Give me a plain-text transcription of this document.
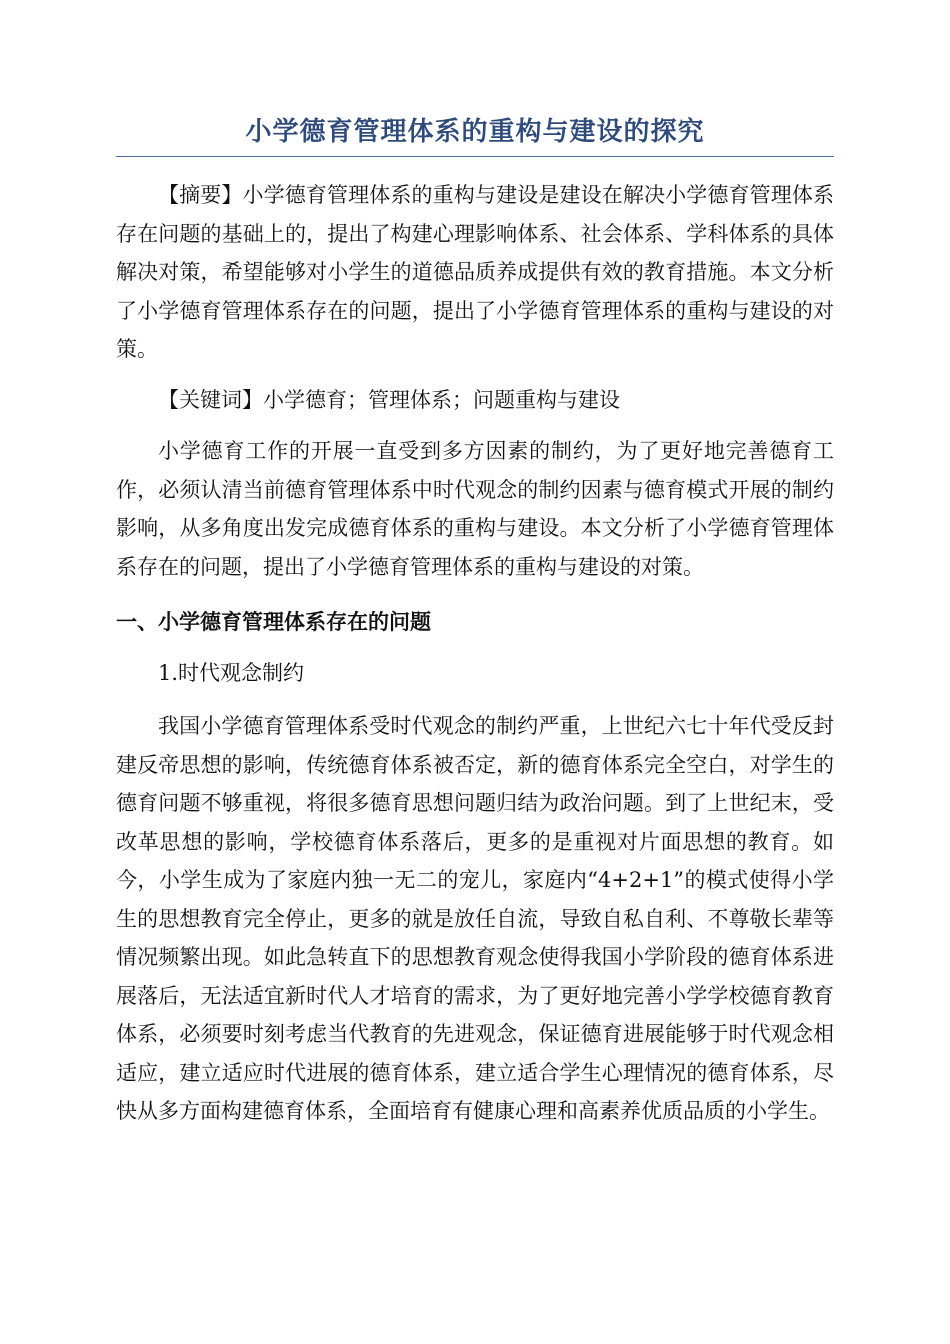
小学德育管理体系的重构与建设的探究

【摘要】小学德育管理体系的重构与建设是建设在解决小学德育管理体系存在问题的基础上的，提出了构建心理影响体系、社会体系、学科体系的具体解决对策，希望能够对小学生的道德品质养成提供有效的教育措施。本文分析了小学德育管理体系存在的问题，提出了小学德育管理体系的重构与建设的对策。

【关键词】小学德育；管理体系；问题重构与建设

小学德育工作的开展一直受到多方因素的制约，为了更好地完善德育工作，必须认清当前德育管理体系中时代观念的制约因素与德育模式开展的制约影响，从多角度出发完成德育体系的重构与建设。本文分析了小学德育管理体系存在的问题，提出了小学德育管理体系的重构与建设的对策。

一、小学德育管理体系存在的问题

1.时代观念制约

我国小学德育管理体系受时代观念的制约严重，上世纪六七十年代受反封建反帝思想的影响，传统德育体系被否定，新的德育体系完全空白，对学生的德育问题不够重视，将很多德育思想问题归结为政治问题。到了上世纪末，受改革思想的影响，学校德育体系落后，更多的是重视对片面思想的教育。如今，小学生成为了家庭内独一无二的宠儿，家庭内“4+2+1”的模式使得小学生的思想教育完全停止，更多的就是放任自流，导致自私自利、不尊敬长辈等情况频繁出现。如此急转直下的思想教育观念使得我国小学阶段的德育体系进展落后，无法适宜新时代人才培育的需求，为了更好地完善小学学校德育教育体系，必须要时刻考虑当代教育的先进观念，保证德育进展能够于时代观念相适应，建立适应时代进展的德育体系，建立适合学生心理情况的德育体系，尽快从多方面构建德育体系，全面培育有健康心理和高素养优质品质的小学生。
